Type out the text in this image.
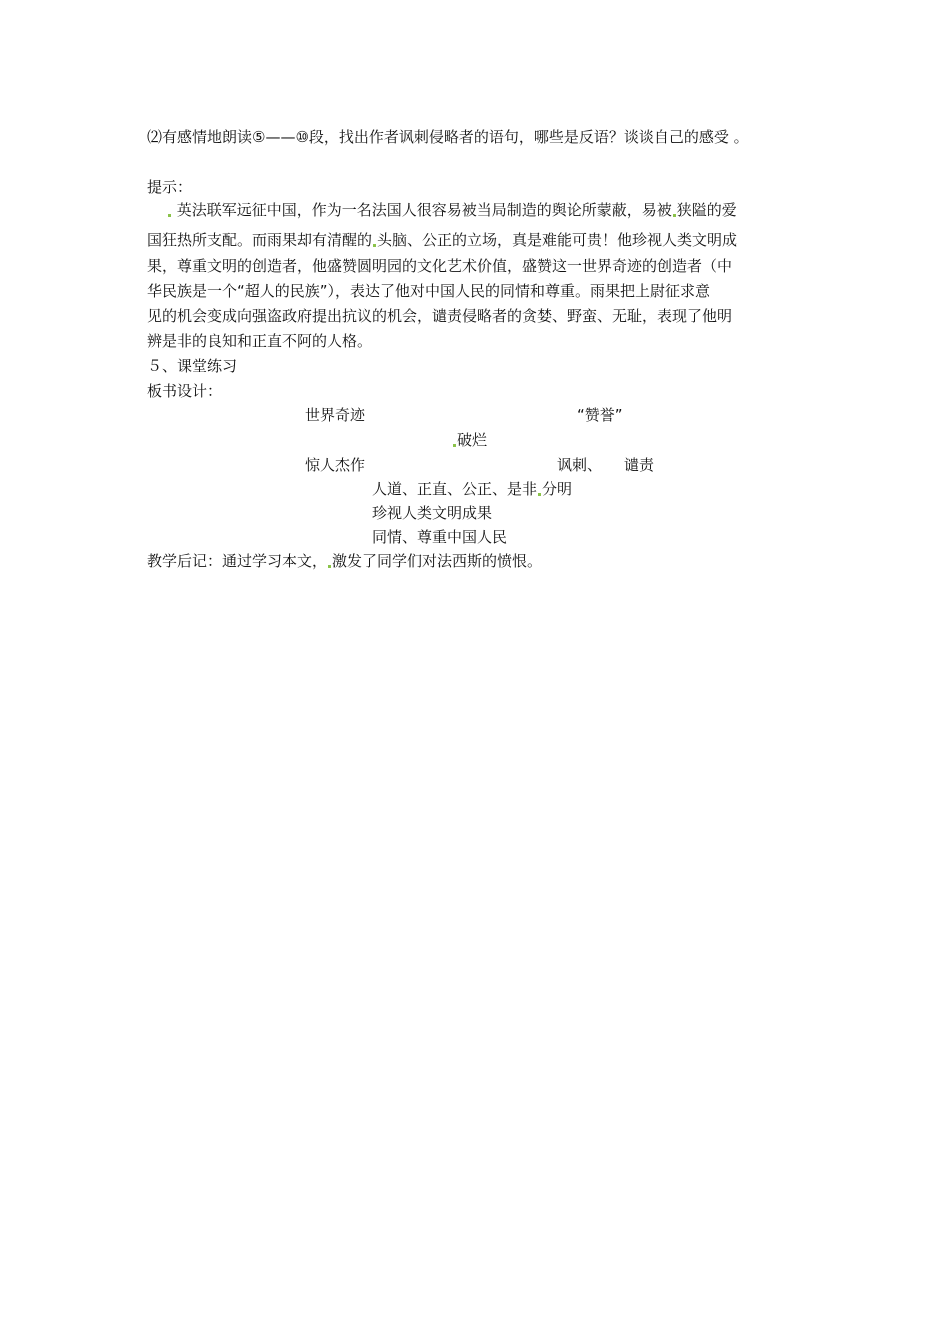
⑵有感情地朗读⑤——⑩段，找出作者讽刺侵略者的语句，哪些是反语？谈谈自己的感受 。
提示：
英法联军远征中国，作为一名法国人很容易被当局制造的舆论所蒙蔽，易被 狭隘的爱
国狂热所支配。而雨果却有清醒的 头脑、公正的立场，真是难能可贵！他珍视人类文明成
果，尊重文明的创造者，他盛赞圆明园的文化艺术价值，盛赞这一世界奇迹的创造者（中
华民族是一个“超人的民族”），表达了他对中国人民的同情和尊重。雨果把上尉征求意
见的机会变成向强盗政府提出抗议的机会，谴责侵略者的贪婪、野蛮、无耻，表现了他明
辨是非的良知和正直不阿的人格。
５、课堂练习
板书设计：
世界奇迹	“赞誉”
破烂
惊人杰作	讽刺、 谴责
人道、正直、公正、是非 分明
珍视人类文明成果
同情、尊重中国人民
教学后记：通过学习本文， 激发了同学们对法西斯的愤恨。
